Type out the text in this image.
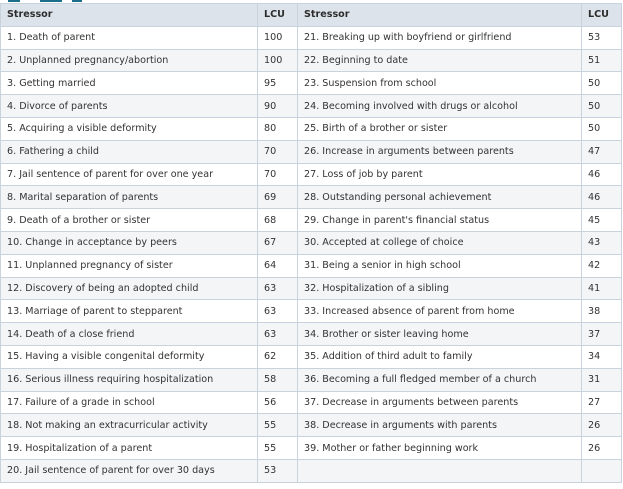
Stressor	LCU	Stressor	LCU
1. Death of parent	100	21. Breaking up with boyfriend or girlfriend	53
2. Unplanned pregnancy/abortion	100	22. Beginning to date	51
3. Getting married	95	23. Suspension from school	50
4. Divorce of parents	90	24. Becoming involved with drugs or alcohol	50
5. Acquiring a visible deformity	80	25. Birth of a brother or sister	50
6. Fathering a child	70	26. Increase in arguments between parents	47
7. Jail sentence of parent for over one year	70	27. Loss of job by parent	46
8. Marital separation of parents	69	28. Outstanding personal achievement	46
9. Death of a brother or sister	68	29. Change in parent's financial status	45
10. Change in acceptance by peers	67	30. Accepted at college of choice	43
11. Unplanned pregnancy of sister	64	31. Being a senior in high school	42
12. Discovery of being an adopted child	63	32. Hospitalization of a sibling	41
13. Marriage of parent to stepparent	63	33. Increased absence of parent from home	38
14. Death of a close friend	63	34. Brother or sister leaving home	37
15. Having a visible congenital deformity	62	35. Addition of third adult to family	34
16. Serious illness requiring hospitalization	58	36. Becoming a full fledged member of a church	31
17. Failure of a grade in school	56	37. Decrease in arguments between parents	27
18. Not making an extracurricular activity	55	38. Decrease in arguments with parents	26
19. Hospitalization of a parent	55	39. Mother or father beginning work	26
20. Jail sentence of parent for over 30 days	53		
